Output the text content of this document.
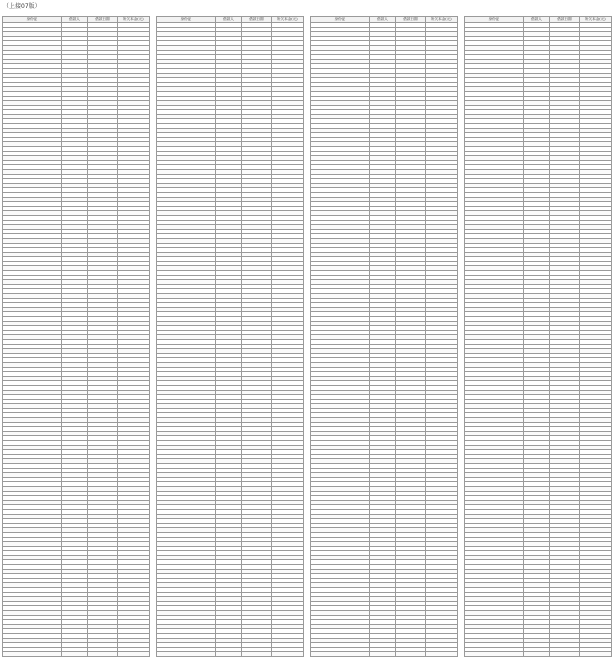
（上接07版）
身份证	借款人	借款日期	所欠本金(元)

				身份证	借款人	借款日期	所欠本金(元)

				身份证	借款人	借款日期	所欠本金(元)

				身份证	借款人	借款日期	所欠本金(元)
